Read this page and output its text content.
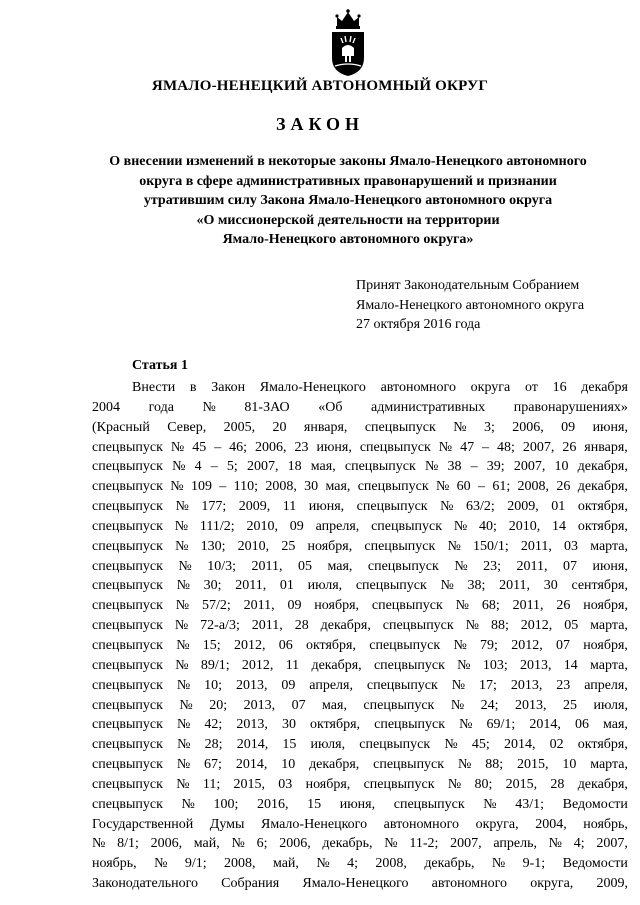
ЯМАЛО-НЕНЕЦКИЙ АВТОНОМНЫЙ ОКРУГ
ЗАКОН
О внесении изменений в некоторые законы Ямало-Ненецкого автономного
округа в сфере административных правонарушений и признании
утратившим силу Закона Ямало-Ненецкого автономного округа
«О миссионерской деятельности на территории
Ямало-Ненецкого автономного округа»
Принят Законодательным Собранием
Ямало-Ненецкого автономного округа
27 октября 2016 года
Статья 1
Внести в Закон Ямало-Ненецкого автономного округа от 16 декабря
2004 года № 81-ЗАО «Об административных правонарушениях»
(Красный Север, 2005, 20 января, спецвыпуск № 3; 2006, 09 июня,
спецвыпуск № 45 – 46; 2006, 23 июня, спецвыпуск № 47 – 48; 2007, 26 января,
спецвыпуск № 4 – 5; 2007, 18 мая, спецвыпуск № 38 – 39; 2007, 10 декабря,
спецвыпуск № 109 – 110; 2008, 30 мая, спецвыпуск № 60 – 61; 2008, 26 декабря,
спецвыпуск № 177; 2009, 11 июня, спецвыпуск № 63/2; 2009, 01 октября,
спецвыпуск № 111/2; 2010, 09 апреля, спецвыпуск № 40; 2010, 14 октября,
спецвыпуск № 130; 2010, 25 ноября, спецвыпуск № 150/1; 2011, 03 марта,
спецвыпуск № 10/3; 2011, 05 мая, спецвыпуск № 23; 2011, 07 июня,
спецвыпуск № 30; 2011, 01 июля, спецвыпуск № 38; 2011, 30 сентября,
спецвыпуск № 57/2; 2011, 09 ноября, спецвыпуск № 68; 2011, 26 ноября,
спецвыпуск № 72-а/3; 2011, 28 декабря, спецвыпуск № 88; 2012, 05 марта,
спецвыпуск № 15; 2012, 06 октября, спецвыпуск № 79; 2012, 07 ноября,
спецвыпуск № 89/1; 2012, 11 декабря, спецвыпуск № 103; 2013, 14 марта,
спецвыпуск № 10; 2013, 09 апреля, спецвыпуск № 17; 2013, 23 апреля,
спецвыпуск № 20; 2013, 07 мая, спецвыпуск № 24; 2013, 25 июля,
спецвыпуск № 42; 2013, 30 октября, спецвыпуск № 69/1; 2014, 06 мая,
спецвыпуск № 28; 2014, 15 июля, спецвыпуск № 45; 2014, 02 октября,
спецвыпуск № 67; 2014, 10 декабря, спецвыпуск № 88; 2015, 10 марта,
спецвыпуск № 11; 2015, 03 ноября, спецвыпуск № 80; 2015, 28 декабря,
спецвыпуск № 100; 2016, 15 июня, спецвыпуск № 43/1; Ведомости
Государственной Думы Ямало-Ненецкого автономного округа, 2004, ноябрь,
№ 8/1; 2006, май, № 6; 2006, декабрь, № 11-2; 2007, апрель, № 4; 2007,
ноябрь, № 9/1; 2008, май, № 4; 2008, декабрь, № 9-1; Ведомости
Законодательного Собрания Ямало-Ненецкого автономного округа, 2009,
